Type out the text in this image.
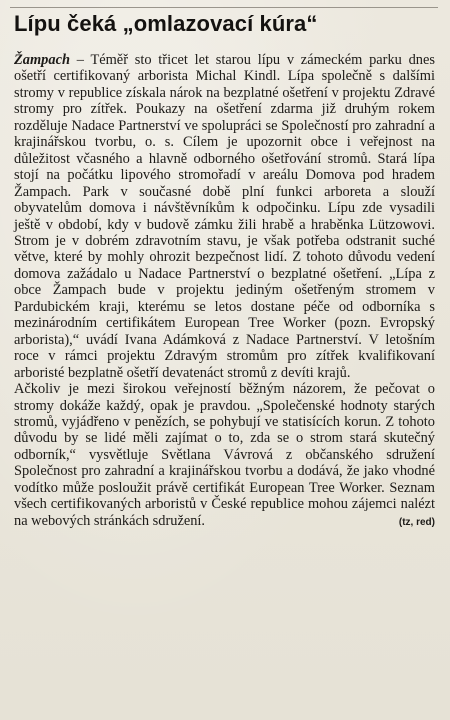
Lípu čeká „omlazovací kúra“

Žampach – Téměř sto třicet let starou lípu v zámeckém parku dnes ošetří certifikovaný arborista Michal Kindl. Lípa společně s dalšími stromy v republice získala nárok na bezplatné ošetření v projektu Zdravé stromy pro zítřek. Poukazy na ošetření zdarma již druhým rokem rozděluje Nadace Partnerství ve spolupráci se Společností pro zahradní a krajinářskou tvorbu, o. s. Cílem je upozornit obce i veřejnost na důležitost včasného a hlavně odborného ošetřování stromů. Stará lípa stojí na počátku lipového stromořadí v areálu Domova pod hradem Žampach. Park v současné době plní funkci arboreta a slouží obyvatelům domova i návštěvníkům k odpočinku. Lípu zde vysadili ještě v období, kdy v budově zámku žili hrabě a hraběnka Lützowovi. Strom je v dobrém zdravotním stavu, je však potřeba odstranit suché větve, které by mohly ohrozit bezpečnost lidí. Z tohoto důvodu vedení domova zažádalo u Nadace Partnerství o bezplatné ošetření. „Lípa z obce Žampach bude v projektu jediným ošetřeným stromem v Pardubickém kraji, kterému se letos dostane péče od odborníka s mezinárodním certifikátem European Tree Worker (pozn. Evropský arborista),“ uvádí Ivana Adámková z Nadace Partnerství. V letošním roce v rámci projektu Zdravým stromům pro zítřek kvalifikovaní arboristé bezplatně ošetří devatenáct stromů z devíti krajů.

Ačkoliv je mezi širokou veřejností běžným názorem, že pečovat o stromy dokáže každý, opak je pravdou. „Společenské hodnoty starých stromů, vyjádřeno v penězích, se pohybují ve statisících korun. Z tohoto důvodu by se lidé měli zajímat o to, zda se o strom stará skutečný odborník,“ vysvětluje Světlana Vávrová z občanského sdružení Společnost pro zahradní a krajinářskou tvorbu a dodává, že jako vhodné vodítko může posloužit právě certifikát European Tree Worker. Seznam všech certifikovaných arboristů v České republice mohou zájemci nalézt na webových stránkách sdružení.	(tz, red)
